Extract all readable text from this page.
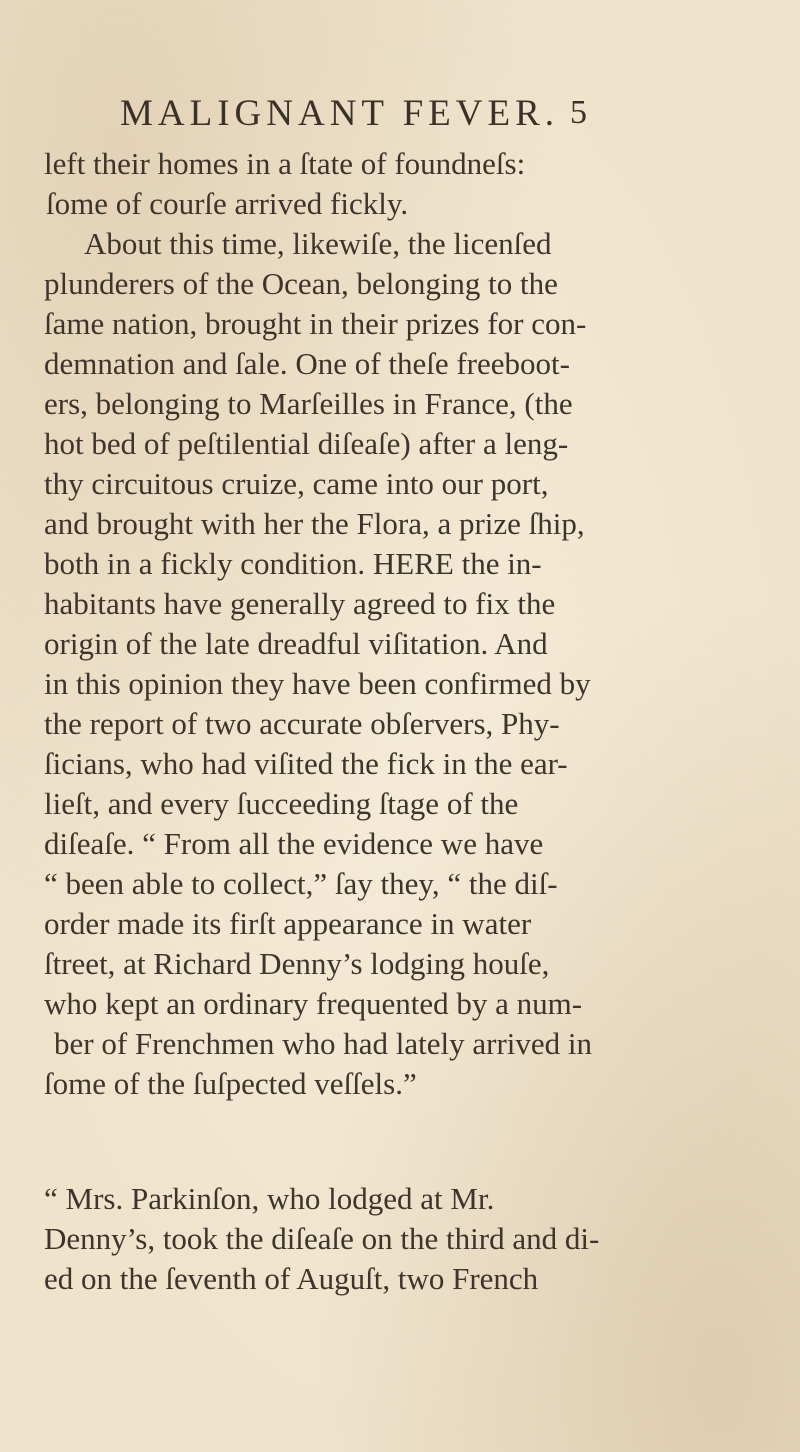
MALIGNANT FEVER. 5
left their homes in a ſtate of foundneſs:
ſome of courſe arrived fickly.
About this time, likewiſe, the licenſed
plunderers of the Ocean, belonging to the
ſame nation, brought in their prizes for con-
demnation and ſale. One of theſe freeboot-
ers, belonging to Marſeilles in France, (the
hot bed of peſtilential diſeaſe) after a leng-
thy circuitous cruize, came into our port,
and brought with her the Flora, a prize ſhip,
both in a fickly condition. HERE the in-
habitants have generally agreed to fix the
origin of the late dreadful viſitation. And
in this opinion they have been confirmed by
the report of two accurate obſervers, Phy-
ſicians, who had viſited the fick in the ear-
lieſt, and every ſucceeding ſtage of the
diſeaſe. “ From all the evidence we have
“ been able to collect,” ſay they, “ the diſ-
order made its firſt appearance in water
ſtreet, at Richard Denny’s lodging houſe,
who kept an ordinary frequented by a num-
ber of Frenchmen who had lately arrived in
ſome of the ſuſpected veſſels.”
“ Mrs. Parkinſon, who lodged at Mr.
Denny’s, took the diſeaſe on the third and di-
ed on the ſeventh of Auguſt, two French
